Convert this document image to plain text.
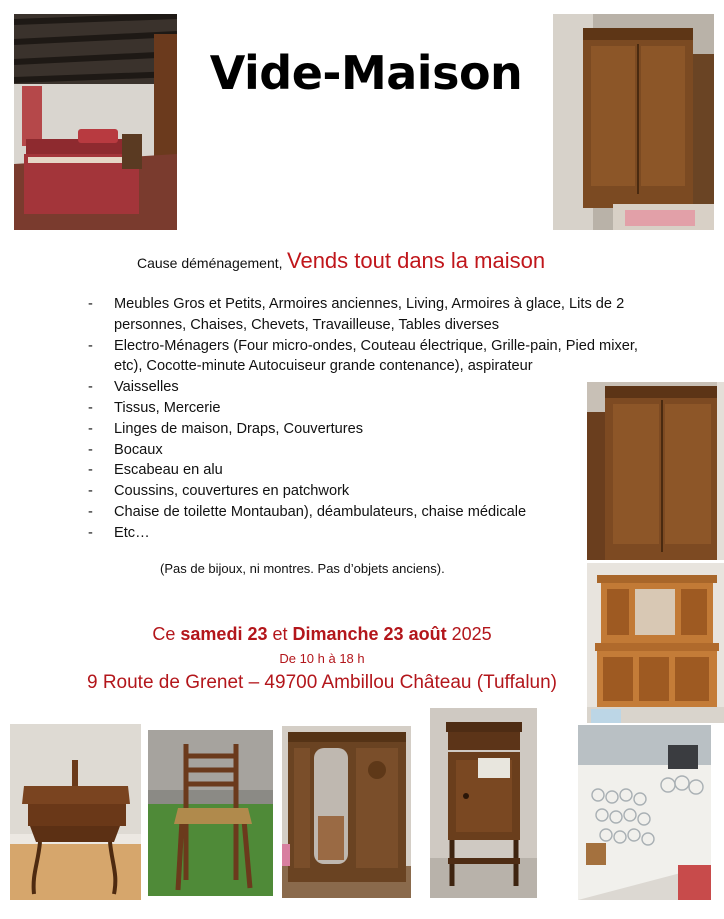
Vide-Maison
Cause déménagement, Vends tout dans la maison
- Meubles Gros et Petits, Armoires anciennes, Living, Armoires à glace, Lits de 2 personnes, Chaises, Chevets, Travailleuse, Tables diverses
- Electro-Ménagers (Four micro-ondes, Couteau électrique, Grille-pain, Pied mixer, etc), Cocotte-minute Autocuiseur grande contenance), aspirateur
- Vaisselles
- Tissus, Mercerie
- Linges de maison, Draps, Couvertures
- Bocaux
- Escabeau en alu
- Coussins, couvertures en patchwork
- Chaise de toilette Montauban), déambulateurs, chaise médicale
- Etc…
(Pas de bijoux, ni montres. Pas d’objets anciens).
Ce samedi 23 et Dimanche 23 août 2025
De 10 h à 18 h
9 Route de Grenet – 49700 Ambillou Château (Tuffalun)
